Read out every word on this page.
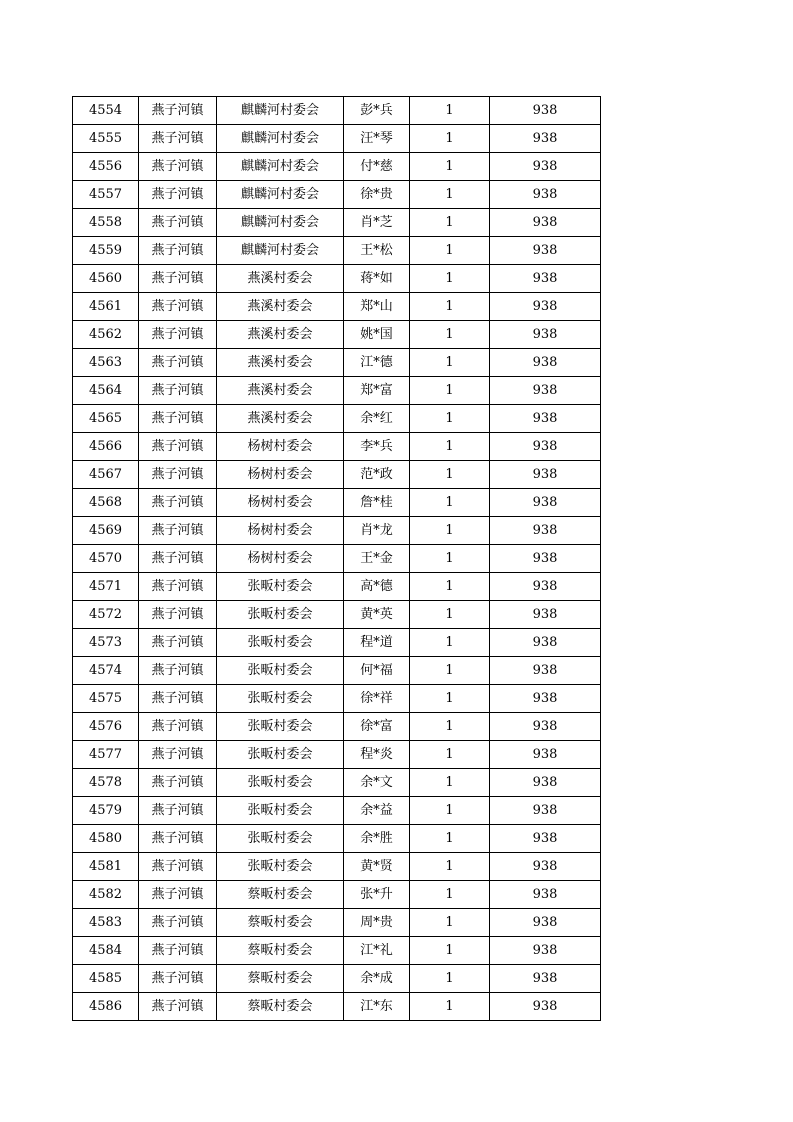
4554	燕子河镇	麒麟河村委会	彭*兵	1	938
4555	燕子河镇	麒麟河村委会	汪*琴	1	938
4556	燕子河镇	麒麟河村委会	付*慈	1	938
4557	燕子河镇	麒麟河村委会	徐*贵	1	938
4558	燕子河镇	麒麟河村委会	肖*芝	1	938
4559	燕子河镇	麒麟河村委会	王*松	1	938
4560	燕子河镇	燕溪村委会	蒋*如	1	938
4561	燕子河镇	燕溪村委会	郑*山	1	938
4562	燕子河镇	燕溪村委会	姚*国	1	938
4563	燕子河镇	燕溪村委会	江*德	1	938
4564	燕子河镇	燕溪村委会	郑*富	1	938
4565	燕子河镇	燕溪村委会	余*红	1	938
4566	燕子河镇	杨树村委会	李*兵	1	938
4567	燕子河镇	杨树村委会	范*政	1	938
4568	燕子河镇	杨树村委会	詹*桂	1	938
4569	燕子河镇	杨树村委会	肖*龙	1	938
4570	燕子河镇	杨树村委会	王*金	1	938
4571	燕子河镇	张畈村委会	高*德	1	938
4572	燕子河镇	张畈村委会	黄*英	1	938
4573	燕子河镇	张畈村委会	程*道	1	938
4574	燕子河镇	张畈村委会	何*福	1	938
4575	燕子河镇	张畈村委会	徐*祥	1	938
4576	燕子河镇	张畈村委会	徐*富	1	938
4577	燕子河镇	张畈村委会	程*炎	1	938
4578	燕子河镇	张畈村委会	余*文	1	938
4579	燕子河镇	张畈村委会	余*益	1	938
4580	燕子河镇	张畈村委会	余*胜	1	938
4581	燕子河镇	张畈村委会	黄*贤	1	938
4582	燕子河镇	蔡畈村委会	张*升	1	938
4583	燕子河镇	蔡畈村委会	周*贵	1	938
4584	燕子河镇	蔡畈村委会	江*礼	1	938
4585	燕子河镇	蔡畈村委会	余*成	1	938
4586	燕子河镇	蔡畈村委会	江*东	1	938
